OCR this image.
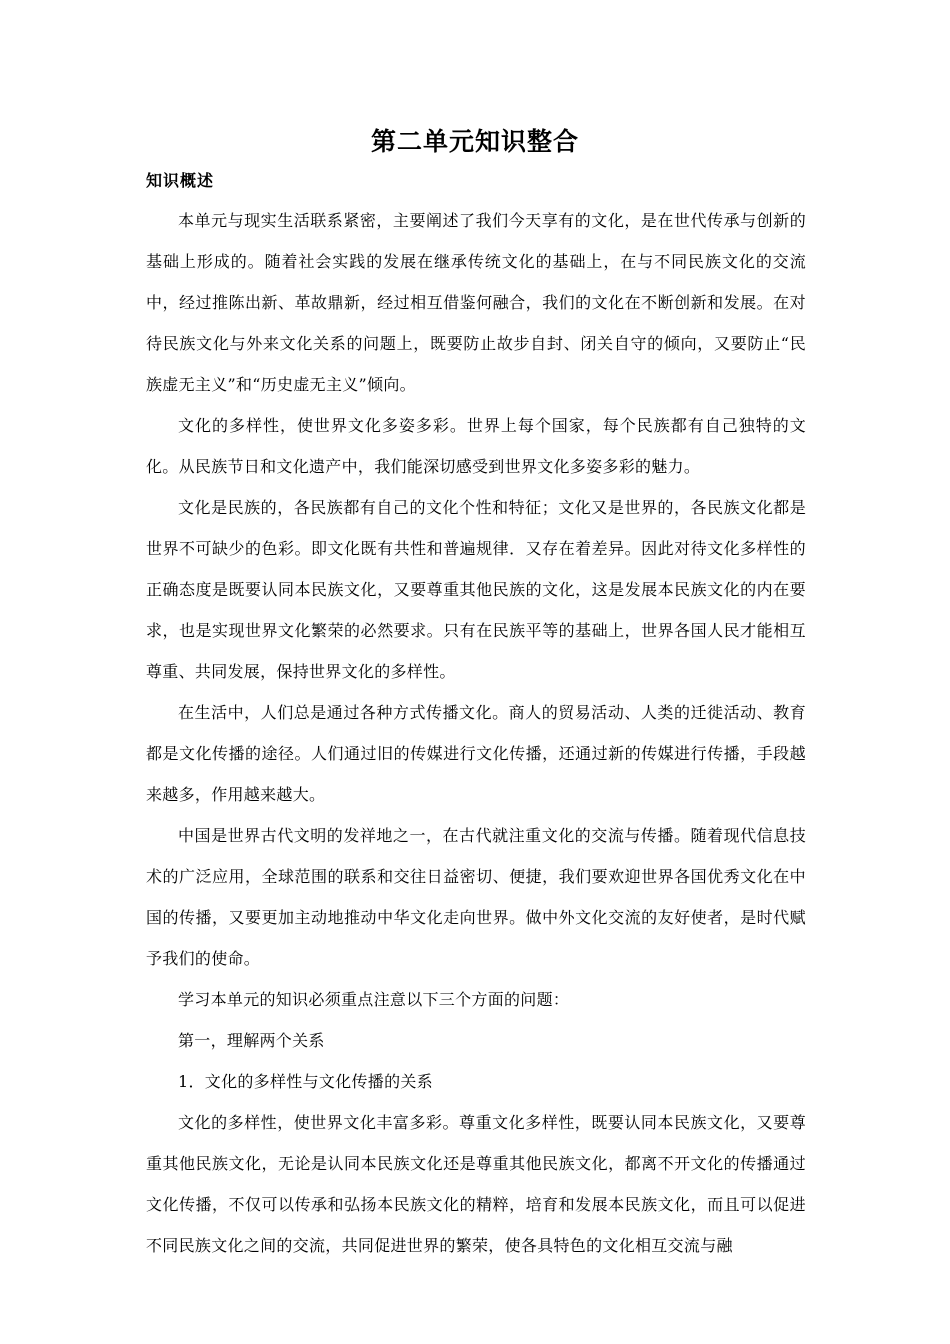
第二单元知识整合
知识概述

本单元与现实生活联系紧密，主要阐述了我们今天享有的文化，是在世代传承与创新的基础上形成的。随着社会实践的发展在继承传统文化的基础上，在与不同民族文化的交流中，经过推陈出新、革故鼎新，经过相互借鉴何融合，我们的文化在不断创新和发展。在对待民族文化与外来文化关系的问题上，既要防止故步自封、闭关自守的倾向，又要防止“民族虚无主义”和“历史虚无主义”倾向。

文化的多样性，使世界文化多姿多彩。世界上每个国家，每个民族都有自己独特的文化。从民族节日和文化遗产中，我们能深切感受到世界文化多姿多彩的魅力。

文化是民族的，各民族都有自己的文化个性和特征；文化又是世界的，各民族文化都是世界不可缺少的色彩。即文化既有共性和普遍规律．又存在着差异。因此对待文化多样性的正确态度是既要认同本民族文化，又要尊重其他民族的文化，这是发展本民族文化的内在要求，也是实现世界文化繁荣的必然要求。只有在民族平等的基础上，世界各国人民才能相互尊重、共同发展，保持世界文化的多样性。

在生活中，人们总是通过各种方式传播文化。商人的贸易活动、人类的迁徙活动、教育都是文化传播的途径。人们通过旧的传媒进行文化传播，还通过新的传媒进行传播，手段越来越多，作用越来越大。

中国是世界古代文明的发祥地之一，在古代就注重文化的交流与传播。随着现代信息技术的广泛应用，全球范围的联系和交往日益密切、便捷，我们要欢迎世界各国优秀文化在中国的传播，又要更加主动地推动中华文化走向世界。做中外文化交流的友好使者，是时代赋予我们的使命。

学习本单元的知识必须重点注意以下三个方面的问题：

第一，理解两个关系

1．文化的多样性与文化传播的关系

文化的多样性，使世界文化丰富多彩。尊重文化多样性，既要认同本民族文化，又要尊重其他民族文化，无论是认同本民族文化还是尊重其他民族文化，都离不开文化的传播通过文化传播，不仅可以传承和弘扬本民族文化的精粹，培育和发展本民族文化，而且可以促进不同民族文化之间的交流，共同促进世界的繁荣，使各具特色的文化相互交流与融
